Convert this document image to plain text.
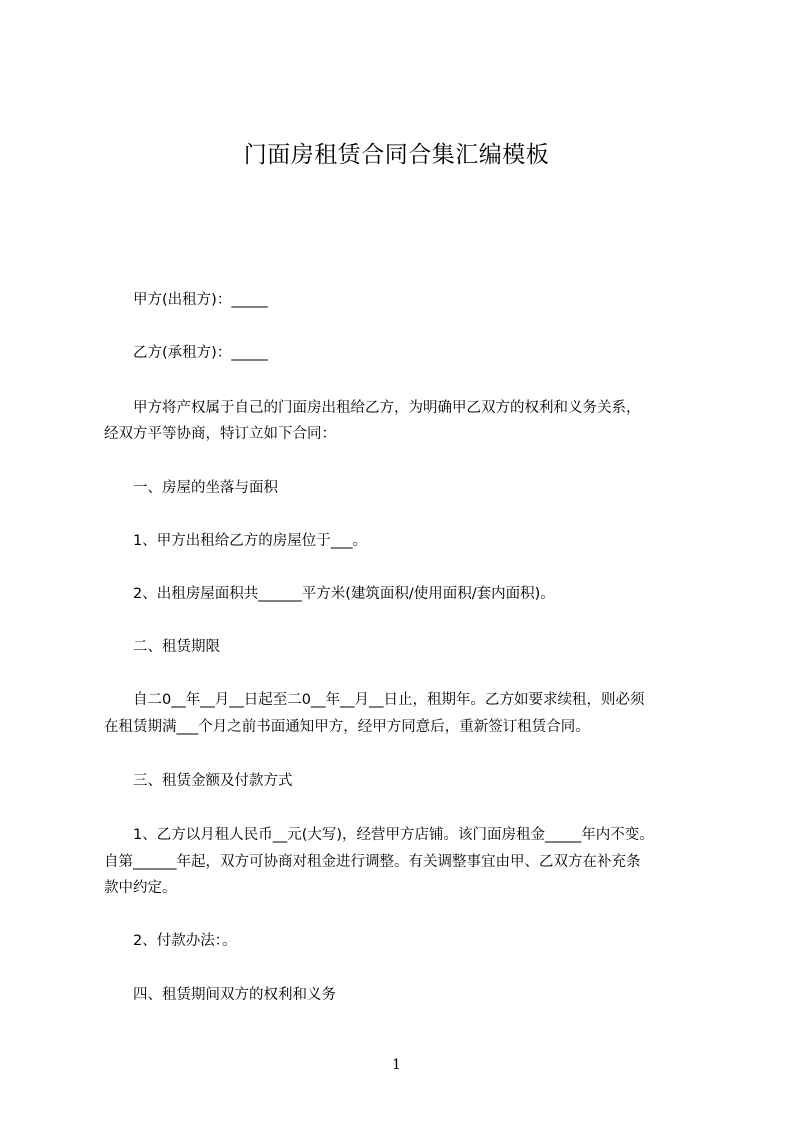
门面房租赁合同合集汇编模板
　　甲方(出租方)：_____
　　乙方(承租方)：_____
　　甲方将产权属于自己的门面房出租给乙方，为明确甲乙双方的权利和义务关系，
经双方平等协商，特订立如下合同：
　　一、房屋的坐落与面积
　　1、甲方出租给乙方的房屋位于___。
　　2、出租房屋面积共______平方米(建筑面积/使用面积/套内面积)。
　　二、租赁期限
　　自二0__年__月__日起至二0__年__月__日止，租期年。乙方如要求续租，则必须
在租赁期满___个月之前书面通知甲方，经甲方同意后，重新签订租赁合同。
　　三、租赁金额及付款方式
　　1、乙方以月租人民币__元(大写)，经营甲方店铺。该门面房租金_____年内不变。
自第______年起，双方可协商对租金进行调整。有关调整事宜由甲、乙双方在补充条
款中约定。
　　2、付款办法：。
　　四、租赁期间双方的权利和义务
1
